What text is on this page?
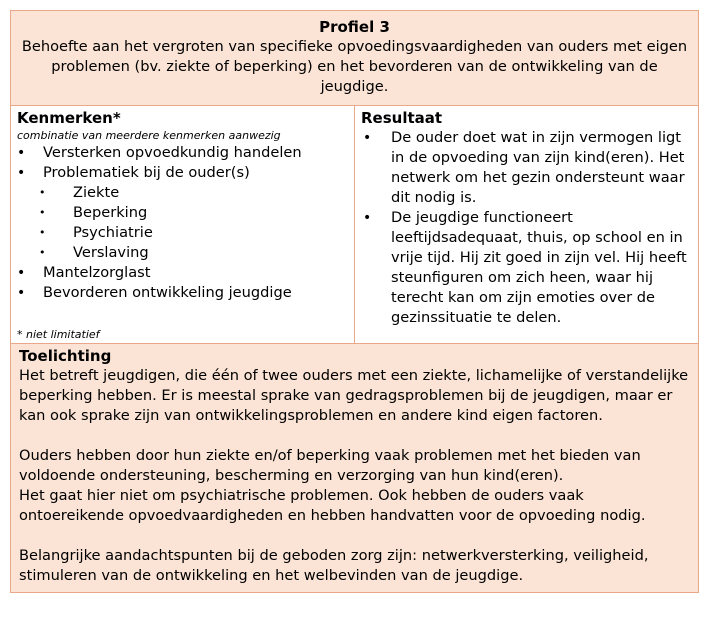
Profiel 3
Behoefte aan het vergroten van specifieke opvoedingsvaardigheden van ouders met eigen problemen (bv. ziekte of beperking) en het bevorderen van de ontwikkeling van de jeugdige.
Kenmerken*
combinatie van meerdere kenmerken aanwezig
• Versterken opvoedkundig handelen
• Problematiek bij de ouder(s)
• Ziekte
• Beperking
• Psychiatrie
• Verslaving
• Mantelzorglast
• Bevorderen ontwikkeling jeugdige
* niet limitatief
Resultaat
• De ouder doet wat in zijn vermogen ligt in de opvoeding van zijn kind(eren). Het netwerk om het gezin ondersteunt waar dit nodig is.
• De jeugdige functioneert leeftijdsadequaat, thuis, op school en in vrije tijd. Hij zit goed in zijn vel. Hij heeft steunfiguren om zich heen, waar hij terecht kan om zijn emoties over de gezinssituatie te delen.
Toelichting

Het betreft jeugdigen, die één of twee ouders met een ziekte, lichamelijke of verstandelijke beperking hebben. Er is meestal sprake van gedragsproblemen bij de jeugdigen, maar er kan ook sprake zijn van ontwikkelingsproblemen en andere kind eigen factoren.

Ouders hebben door hun ziekte en/of beperking vaak problemen met het bieden van voldoende ondersteuning, bescherming en verzorging van hun kind(eren).

Het gaat hier niet om psychiatrische problemen. Ook hebben de ouders vaak ontoereikende opvoedvaardigheden en hebben handvatten voor de opvoeding nodig.

Belangrijke aandachtspunten bij de geboden zorg zijn: netwerkversterking, veiligheid, stimuleren van de ontwikkeling en het welbevinden van de jeugdige.
